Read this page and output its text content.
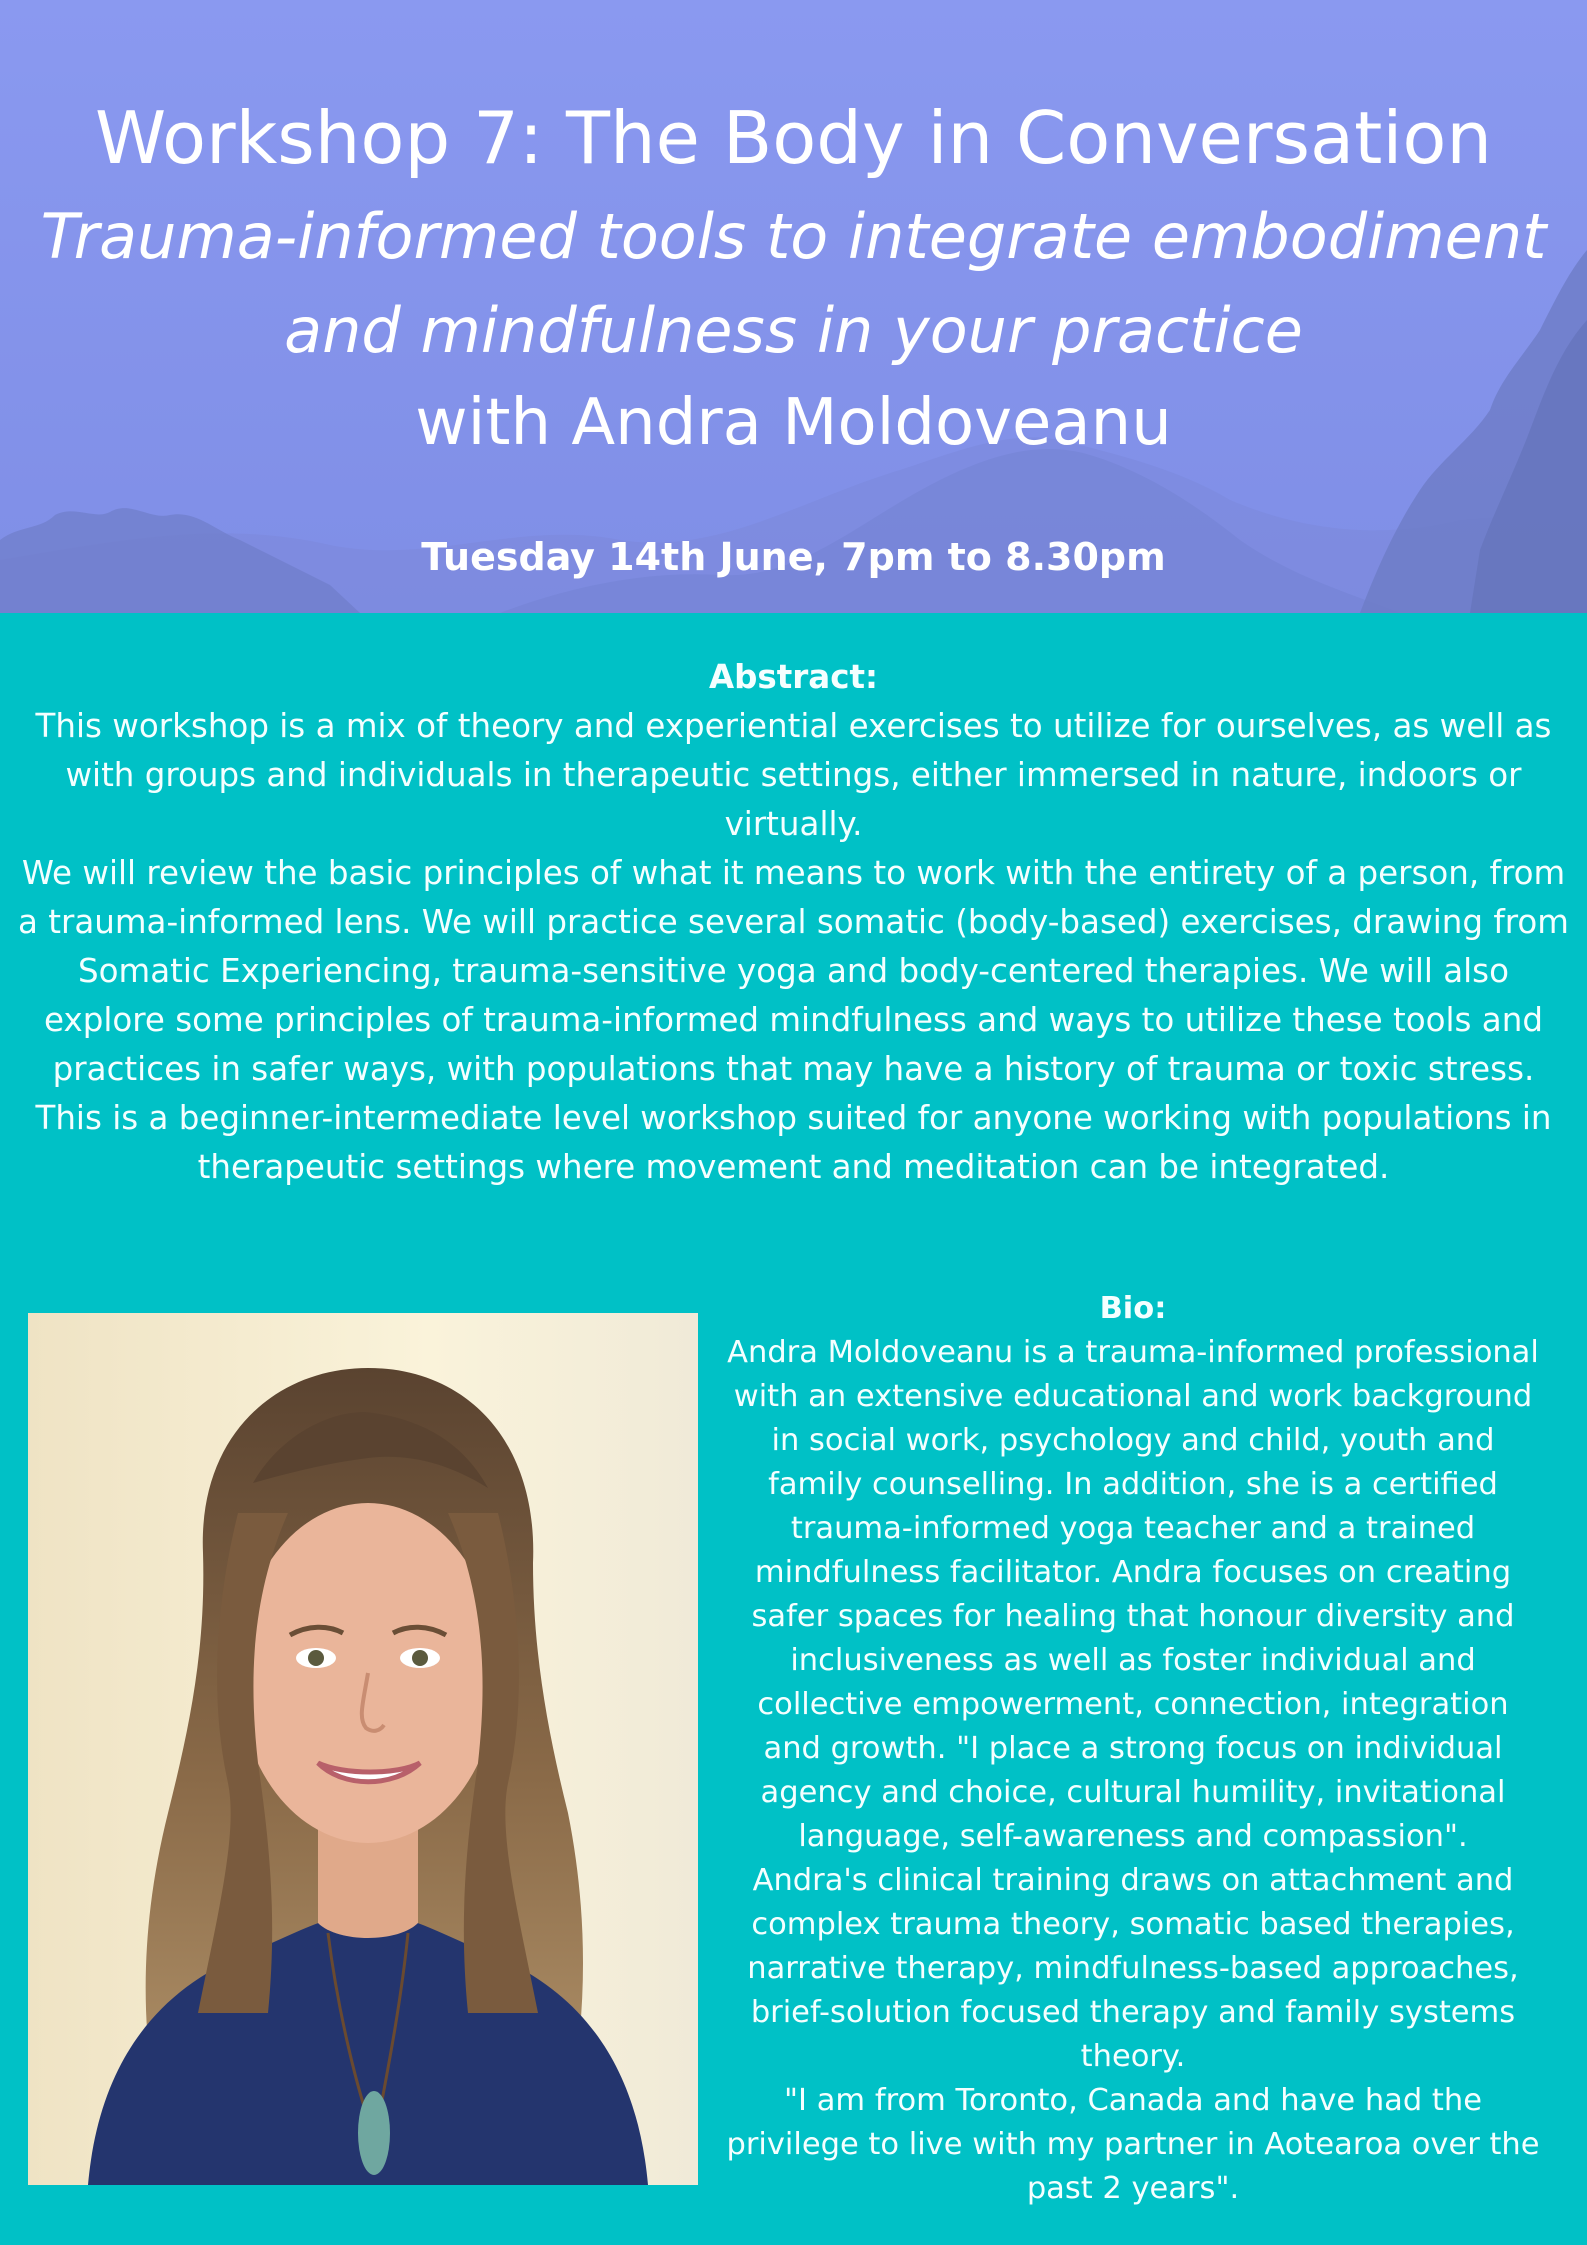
Workshop 7: The Body in Conversation
Trauma-informed tools to integrate embodiment and mindfulness in your practice
with Andra Moldoveanu
Tuesday 14th June, 7pm to 8.30pm
Abstract:

This workshop is a mix of theory and experiential exercises to utilize for ourselves, as well as with groups and individuals in therapeutic settings, either immersed in nature, indoors or virtually.

We will review the basic principles of what it means to work with the entirety of a person, from a trauma-informed lens. We will practice several somatic (body-based) exercises, drawing from Somatic Experiencing, trauma-sensitive yoga and body-centered therapies. We will also explore some principles of trauma-informed mindfulness and ways to utilize these tools and practices in safer ways, with populations that may have a history of trauma or toxic stress.

This is a beginner-intermediate level workshop suited for anyone working with populations in therapeutic settings where movement and meditation can be integrated.

Bio:

Andra Moldoveanu is a trauma-informed professional with an extensive educational and work background in social work, psychology and child, youth and family counselling. In addition, she is a certified trauma-informed yoga teacher and a trained mindfulness facilitator. Andra focuses on creating safer spaces for healing that honour diversity and inclusiveness as well as foster individual and collective empowerment, connection, integration and growth. "I place a strong focus on individual agency and choice, cultural humility, invitational language, self-awareness and compassion".

Andra's clinical training draws on attachment and complex trauma theory, somatic based therapies, narrative therapy, mindfulness-based approaches, brief-solution focused therapy and family systems theory.

"I am from Toronto, Canada and have had the privilege to live with my partner in Aotearoa over the past 2 years".
